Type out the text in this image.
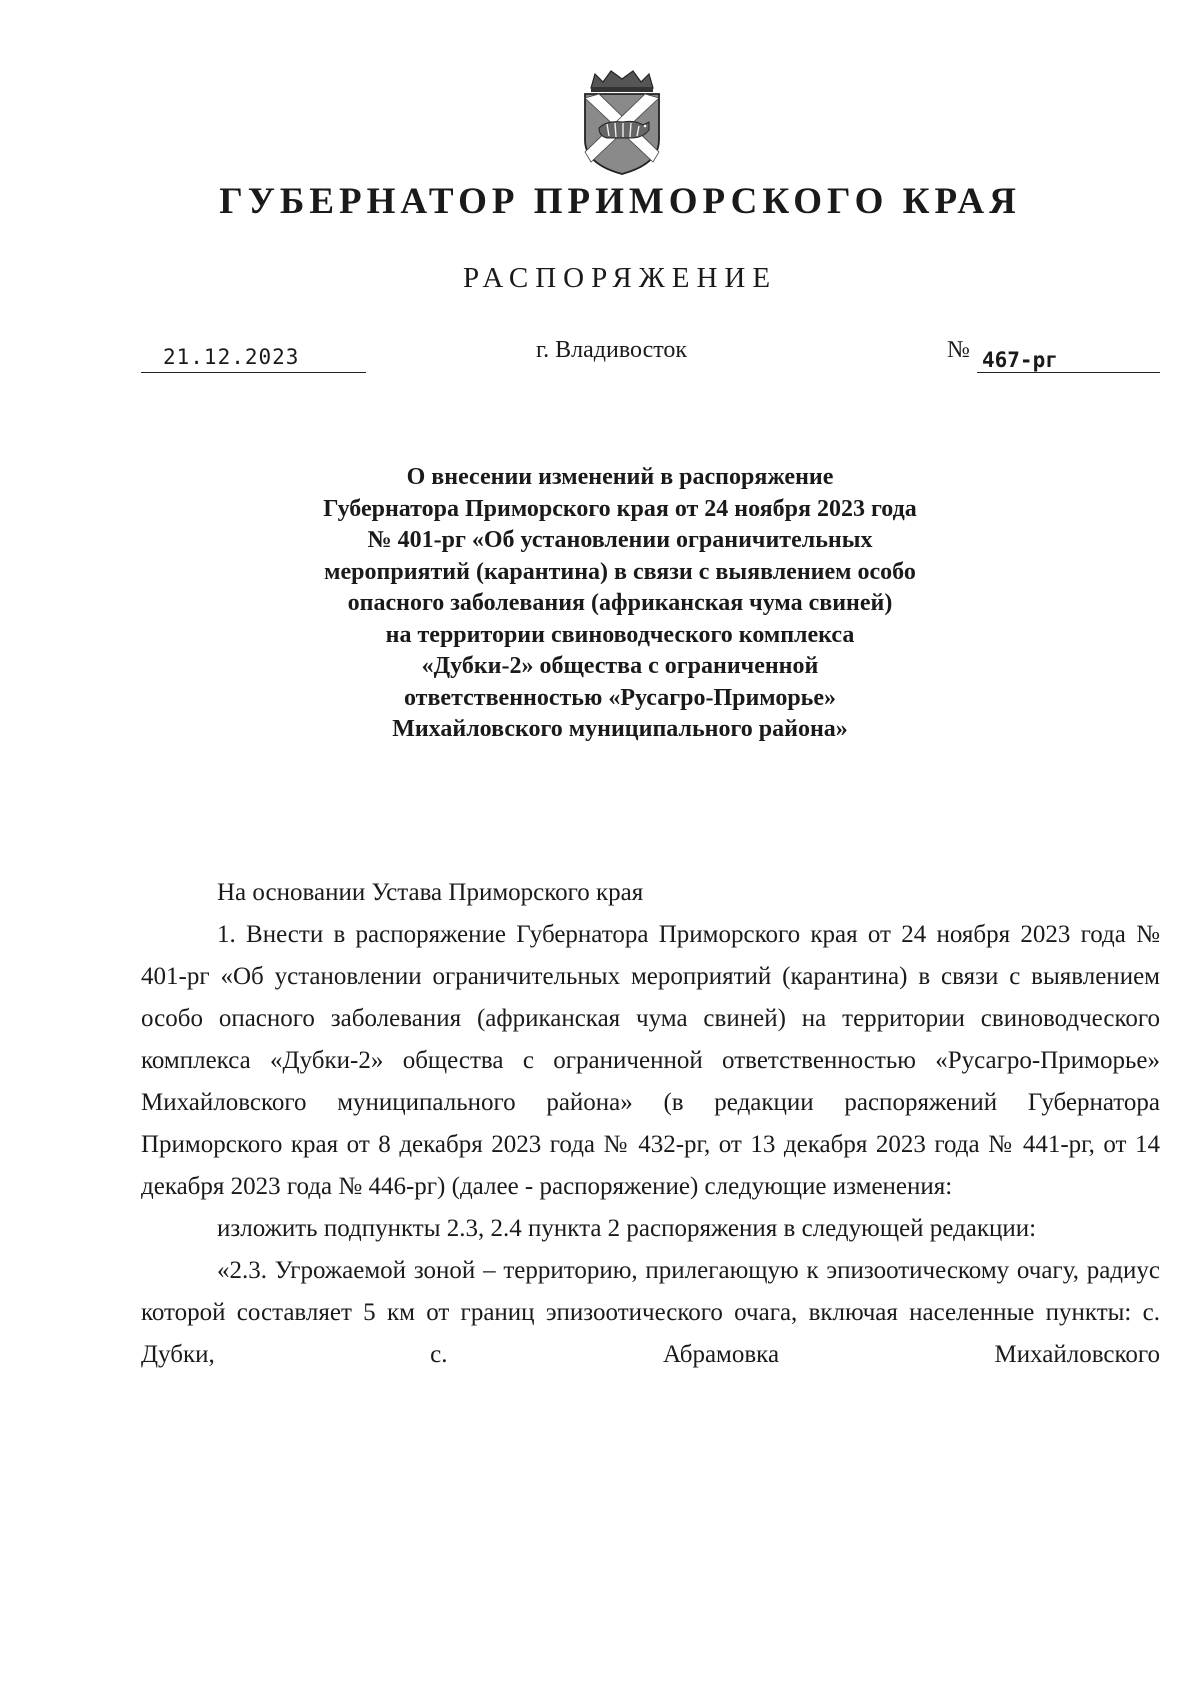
ГУБЕРНАТОР ПРИМОРСКОГО КРАЯ
РАСПОРЯЖЕНИЕ
21.12.2023	г. Владивосток	№ 467-рг
О внесении изменений в распоряжение
Губернатора Приморского края от 24 ноября 2023 года
№ 401-рг «Об установлении ограничительных
мероприятий (карантина) в связи с выявлением особо
опасного заболевания (африканская чума свиней)
на территории свиноводческого комплекса
«Дубки-2» общества с ограниченной
ответственностью «Русагро-Приморье»
Михайловского муниципального района»

На основании Устава Приморского края

1. Внести в распоряжение Губернатора Приморского края от 24 ноября 2023 года № 401-рг «Об установлении ограничительных мероприятий (карантина) в связи с выявлением особо опасного заболевания (африканская чума свиней) на территории свиноводческого комплекса «Дубки-2» общества с ограниченной ответственностью «Русагро-Приморье» Михайловского муниципального района» (в редакции распоряжений Губернатора Приморского края от 8 декабря 2023 года № 432-рг, от 13 декабря 2023 года № 441-рг, от 14 декабря 2023 года № 446-рг) (далее - распоряжение) следующие изменения:

изложить подпункты 2.3, 2.4 пункта 2 распоряжения в следующей редакции:

«2.3. Угрожаемой зоной – территорию, прилегающую к эпизоотическому очагу, радиус которой составляет 5 км от границ эпизоотического очага, включая населенные пункты: с. Дубки, с. Абрамовка Михайловского
